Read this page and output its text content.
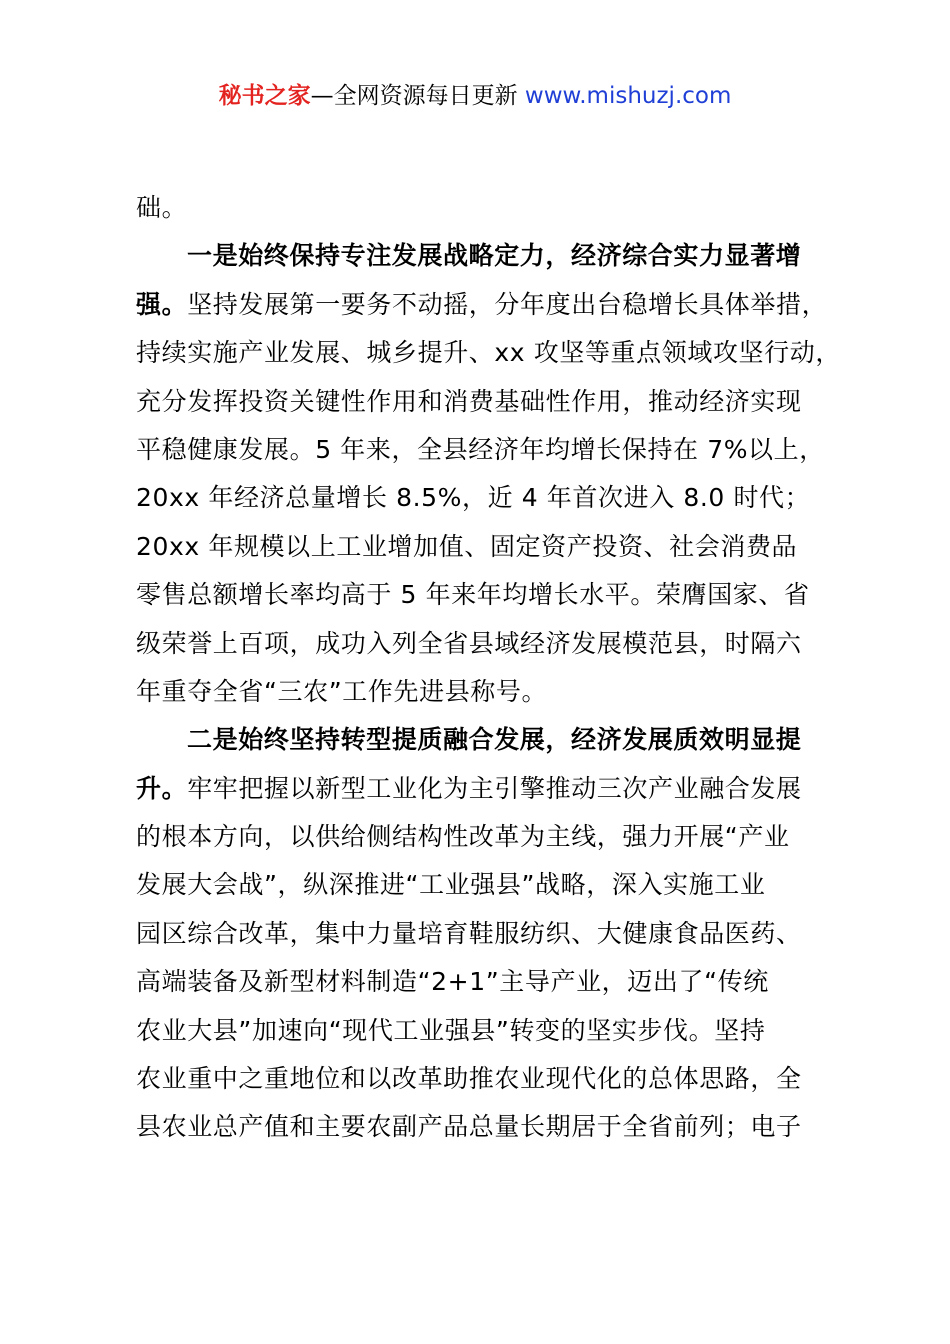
秘书之家—全网资源每日更新 www.mishuzj.com
础。
一是始终保持专注发展战略定力，经济综合实力显著增
强。坚持发展第一要务不动摇，分年度出台稳增长具体举措，
持续实施产业发展、城乡提升、xx 攻坚等重点领域攻坚行动，
充分发挥投资关键性作用和消费基础性作用，推动经济实现
平稳健康发展。5 年来，全县经济年均增长保持在 7%以上，
20xx 年经济总量增长 8.5%，近 4 年首次进入 8.0 时代；
20xx 年规模以上工业增加值、固定资产投资、社会消费品
零售总额增长率均高于 5 年来年均增长水平。荣膺国家、省
级荣誉上百项，成功入列全省县域经济发展模范县，时隔六
年重夺全省“三农”工作先进县称号。
二是始终坚持转型提质融合发展，经济发展质效明显提
升。牢牢把握以新型工业化为主引擎推动三次产业融合发展
的根本方向，以供给侧结构性改革为主线，强力开展“产业
发展大会战”，纵深推进“工业强县”战略，深入实施工业
园区综合改革，集中力量培育鞋服纺织、大健康食品医药、
高端装备及新型材料制造“2+1”主导产业，迈出了“传统
农业大县”加速向“现代工业强县”转变的坚实步伐。坚持
农业重中之重地位和以改革助推农业现代化的总体思路，全
县农业总产值和主要农副产品总量长期居于全省前列；电子
